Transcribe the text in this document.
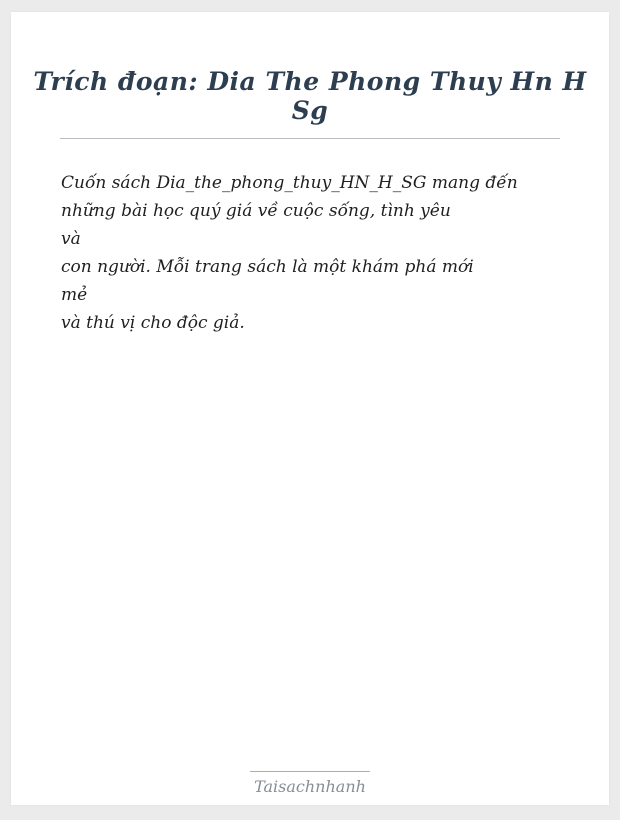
Trích đoạn: Dia The Phong Thuy Hn H Sg
Cuốn sách Dia_the_phong_thuy_HN_H_SG mang đến
những bài học quý giá về cuộc sống, tình yêu
và
con người. Mỗi trang sách là một khám phá mới
mẻ
và thú vị cho độc giả.
Taisachnhanh
